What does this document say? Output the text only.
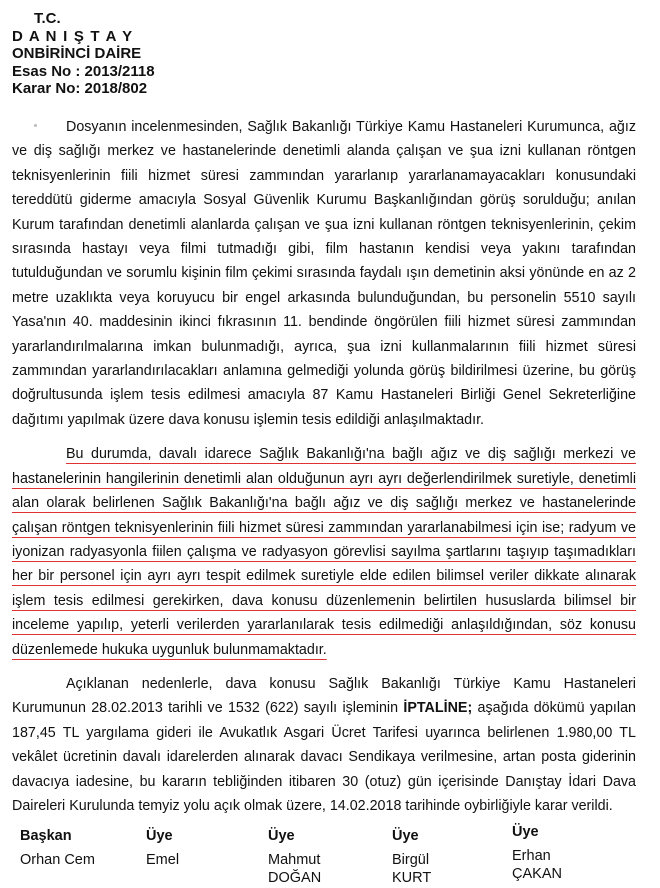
T.C.
D A N I Ş T A Y
ONBİRİNCİ DAİRE
Esas No : 2013/2118
Karar No: 2018/802

Dosyanın incelenmesinden, Sağlık Bakanlığı Türkiye Kamu Hastaneleri Kurumunca, ağız ve diş sağlığı merkez ve hastanelerinde denetimli alanda çalışan ve şua izni kullanan röntgen teknisyenlerinin fiili hizmet süresi zammından yararlanıp yararlanamayacakları konusundaki tereddütü giderme amacıyla Sosyal Güvenlik Kurumu Başkanlığından görüş sorulduğu; anılan Kurum tarafından denetimli alanlarda çalışan ve şua izni kullanan röntgen teknisyenlerinin, çekim sırasında hastayı veya filmi tutmadığı gibi, film hastanın kendisi veya yakını tarafından tutulduğundan ve sorumlu kişinin film çekimi sırasında faydalı ışın demetinin aksi yönünde en az 2 metre uzaklıkta veya koruyucu bir engel arkasında bulunduğundan, bu personelin 5510 sayılı Yasa'nın 40. maddesinin ikinci fıkrasının 11. bendinde öngörülen fiili hizmet süresi zammından yararlandırılmalarına imkan bulunmadığı, ayrıca, şua izni kullanmalarının fiili hizmet süresi zammından yararlandırılacakları anlamına gelmediği yolunda görüş bildirilmesi üzerine, bu görüş doğrultusunda işlem tesis edilmesi amacıyla 87 Kamu Hastaneleri Birliği Genel Sekreterliğine dağıtımı yapılmak üzere dava konusu işlemin tesis edildiği anlaşılmaktadır.

Bu durumda, davalı idarece Sağlık Bakanlığı'na bağlı ağız ve diş sağlığı merkezi ve hastanelerinin hangilerinin denetimli alan olduğunun ayrı ayrı değerlendirilmek suretiyle, denetimli alan olarak belirlenen Sağlık Bakanlığı'na bağlı ağız ve diş sağlığı merkez ve hastanelerinde çalışan röntgen teknisyenlerinin fiili hizmet süresi zammından yararlanabilmesi için ise; radyum ve iyonizan radyasyonla fiilen çalışma ve radyasyon görevlisi sayılma şartlarını taşıyıp taşımadıkları her bir personel için ayrı ayrı tespit edilmek suretiyle elde edilen bilimsel veriler dikkate alınarak işlem tesis edilmesi gerekirken, dava konusu düzenlemenin belirtilen hususlarda bilimsel bir inceleme yapılıp, yeterli verilerden yararlanılarak tesis edilmediği anlaşıldığından, söz konusu düzenlemede hukuka uygunluk bulunmamaktadır.

Açıklanan nedenlerle, dava konusu Sağlık Bakanlığı Türkiye Kamu Hastaneleri Kurumunun 28.02.2013 tarihli ve 1532 (622) sayılı işleminin İPTALİNE; aşağıda dökümü yapılan 187,45 TL yargılama gideri ile Avukatlık Asgari Ücret Tarifesi uyarınca belirlenen 1.980,00 TL vekâlet ücretinin davalı idarelerden alınarak davacı Sendikaya verilmesine, artan posta giderinin davacıya iadesine, bu kararın tebliğinden itibaren 30 (otuz) gün içerisinde Danıştay İdari Dava Daireleri Kurulunda temyiz yolu açık olmak üzere, 14.02.2018 tarihinde oybirliğiyle karar verildi.

Başkan
Orhan Cem
Üye
Emel
Üye
Mahmut
DOĞAN
Üye
Birgül
KURT
Üye
Erhan
ÇAKAN
